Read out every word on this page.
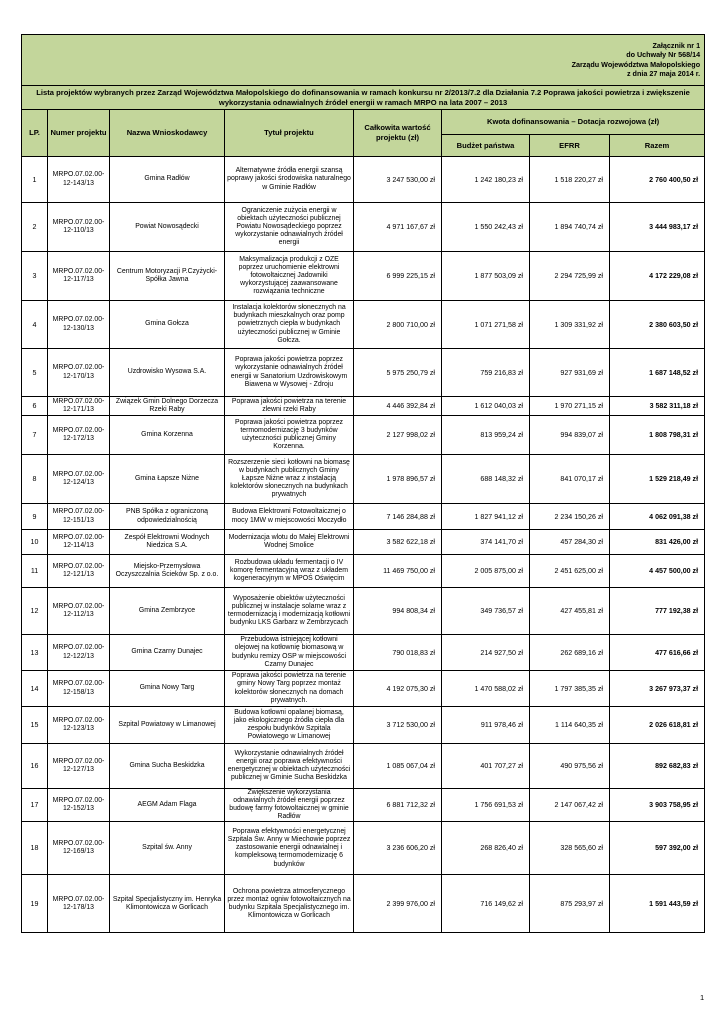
Załącznik nr 1
do Uchwały Nr 568/14
Zarządu Województwa Małopolskiego
z dnia 27 maja 2014 r.							

Lista projektów wybranych przez Zarząd Województwa Małopolskiego do dofinansowania w ramach konkursu nr 2/2013/7.2 dla Działania 7.2 Poprawa jakości powietrza i zwiększenie wykorzystania odnawialnych źródeł energii w ramach MRPO na lata 2007 – 2013							
LP.	Numer projektu	Nazwa Wnioskodawcy	Tytuł projektu	Całkowita wartość projektu (zł)	Kwota dofinansowania – Dotacja rozwojowa (zł)		
					Budżet państwa	EFRR	Razem
1	MRPO.07.02.00-12-143/13	Gmina Radłów	Alternatywne źródła energii szansą poprawy jakości środowiska naturalnego w Gminie Radłów	3 247 530,00 zł	1 242 180,23 zł	1 518 220,27 zł	2 760 400,50 zł
2	MRPO.07.02.00-12-110/13	Powiat Nowosądecki	Ograniczenie zużycia energii w obiektach użyteczności publicznej Powiatu Nowosądeckiego poprzez wykorzystanie odnawialnych źródeł energii	4 971 167,67 zł	1 550 242,43 zł	1 894 740,74 zł	3 444 983,17 zł
3	MRPO.07.02.00-12-117/13	Centrum Motoryzacji P.Czyżycki-Spółka Jawna	Maksymalizacja produkcji z OZE poprzez uruchomienie elektrowni fotowoltaicznej Jadowniki wykorzystującej zaawansowane rozwiązania techniczne	6 999 225,15 zł	1 877 503,09 zł	2 294 725,99 zł	4 172 229,08 zł
4	MRPO.07.02.00-12-130/13	Gmina Gołcza	Instalacja kolektorów słonecznych na budynkach mieszkalnych oraz pomp powietrznych ciepła w budynkach użyteczności publicznej w Gminie Gołcza.	2 800 710,00 zł	1 071 271,58 zł	1 309 331,92 zł	2 380 603,50 zł
5	MRPO.07.02.00-12-170/13	Uzdrowisko Wysowa S.A.	Poprawa jakości powietrza poprzez wykorzystanie odnawialnych źródeł energii w Sanatorium Uzdrowiskowym Biawena w Wysowej - Zdroju	5 975 250,79 zł	759 216,83 zł	927 931,69 zł	1 687 148,52 zł
6	MRPO.07.02.00-12-171/13	Związek Gmin Dolnego Dorzecza Rzeki Raby	Poprawa jakości powietrza na terenie zlewni rzeki Raby	4 446 392,84 zł	1 612 040,03 zł	1 970 271,15 zł	3 582 311,18 zł
7	MRPO.07.02.00-12-172/13	Gmina Korzenna	Poprawa jakości powietrza poprzez termomodernizację 3 budynków użyteczności publicznej Gminy Korzenna.	2 127 998,02 zł	813 959,24 zł	994 839,07 zł	1 808 798,31 zł
8	MRPO.07.02.00-12-124/13	Gmina Łapsze Niżne	Rozszerzenie sieci kotłowni na biomasę w budynkach publicznych Gminy Łapsze Niżne wraz z instalacją kolektorów słonecznych na budynkach prywatnych	1 978 896,57 zł	688 148,32 zł	841 070,17 zł	1 529 218,49 zł
9	MRPO.07.02.00-12-151/13	PNB Spółka z ograniczoną odpowiedzialnością	Budowa Elektrowni Fotowoltaicznej o mocy 1MW w miejscowości Moczydło	7 146 284,88 zł	1 827 941,12 zł	2 234 150,26 zł	4 062 091,38 zł
10	MRPO.07.02.00-12-114/13	Zespół Elektrowni Wodnych Niedzica S.A.	Modernizacja wlotu do Małej Elektrowni Wodnej Smolice	3 582 622,18 zł	374 141,70 zł	457 284,30 zł	831 426,00 zł
11	MRPO.07.02.00-12-121/13	Miejsko-Przemysłowa Oczyszczalnia Ścieków Sp. z o.o.	Rozbudowa układu fermentacji o IV komorę fermentacyjną wraz z układem kogeneracyjnym w MPOŚ Oświęcim	11 469 750,00 zł	2 005 875,00 zł	2 451 625,00 zł	4 457 500,00 zł
12	MRPO.07.02.00-12-112/13	Gmina Zembrzyce	Wyposażenie obiektów użyteczności publicznej w instalacje solarne wraz z termodernizacją i modernizacją kotłowni budynku LKS Garbarz w Zembrzycach	994 808,34 zł	349 736,57 zł	427 455,81 zł	777 192,38 zł
13	MRPO.07.02.00-12-122/13	Gmina Czarny Dunajec	Przebudowa istniejącej kotłowni olejowej na kotłownię biomasową w budynku remizy OSP w miejscowości Czarny Dunajec	790 018,83 zł	214 927,50 zł	262 689,16 zł	477 616,66 zł
14	MRPO.07.02.00-12-158/13	Gmina Nowy Targ	Poprawa jakości powietrza na terenie gminy Nowy Targ poprzez montaż kolektorów słonecznych na domach prywatnych.	4 192 075,30 zł	1 470 588,02 zł	1 797 385,35 zł	3 267 973,37 zł
15	MRPO.07.02.00-12-123/13	Szpital Powiatowy w Limanowej	Budowa kotłowni opalanej biomasą, jako ekologicznego źródła ciepła dla zespołu budynków Szpitala Powiatowego w Limanowej	3 712 530,00 zł	911 978,46 zł	1 114 640,35 zł	2 026 618,81 zł
16	MRPO.07.02.00-12-127/13	Gmina Sucha Beskidzka	Wykorzystanie odnawialnych źródeł energii oraz poprawa efektywności energetycznej w obiektach użyteczności publicznej w Gminie Sucha Beskidzka	1 085 067,04 zł	401 707,27 zł	490 975,56 zł	892 682,83 zł
17	MRPO.07.02.00-12-152/13	AEGM Adam Flaga	Zwiększenie wykorzystania odnawialnych źródeł energii poprzez budowę farmy fotowoltaicznej w gminie Radłów	6 881 712,32 zł	1 756 691,53 zł	2 147 067,42 zł	3 903 758,95 zł
18	MRPO.07.02.00-12-169/13	Szpital św. Anny	Poprawa efektywności energetycznej Szpitala Św. Anny w Miechowie poprzez zastosowanie energii odnawialnej i kompleksową termomodernizację 6 budynków	3 236 606,20 zł	268 826,40 zł	328 565,60 zł	597 392,00 zł
19	MRPO.07.02.00-12-178/13	Szpital Specjalistyczny im. Henryka Klimontowicza w Gorlicach	Ochrona powietrza atmosferycznego przez montaż ogniw fotowoltaicznych na budynku Szpitala Specjalistycznego im. Klimontowicza w Gorlicach	2 399 976,00 zł	716 149,62 zł	875 293,97 zł	1 591 443,59 zł
1
